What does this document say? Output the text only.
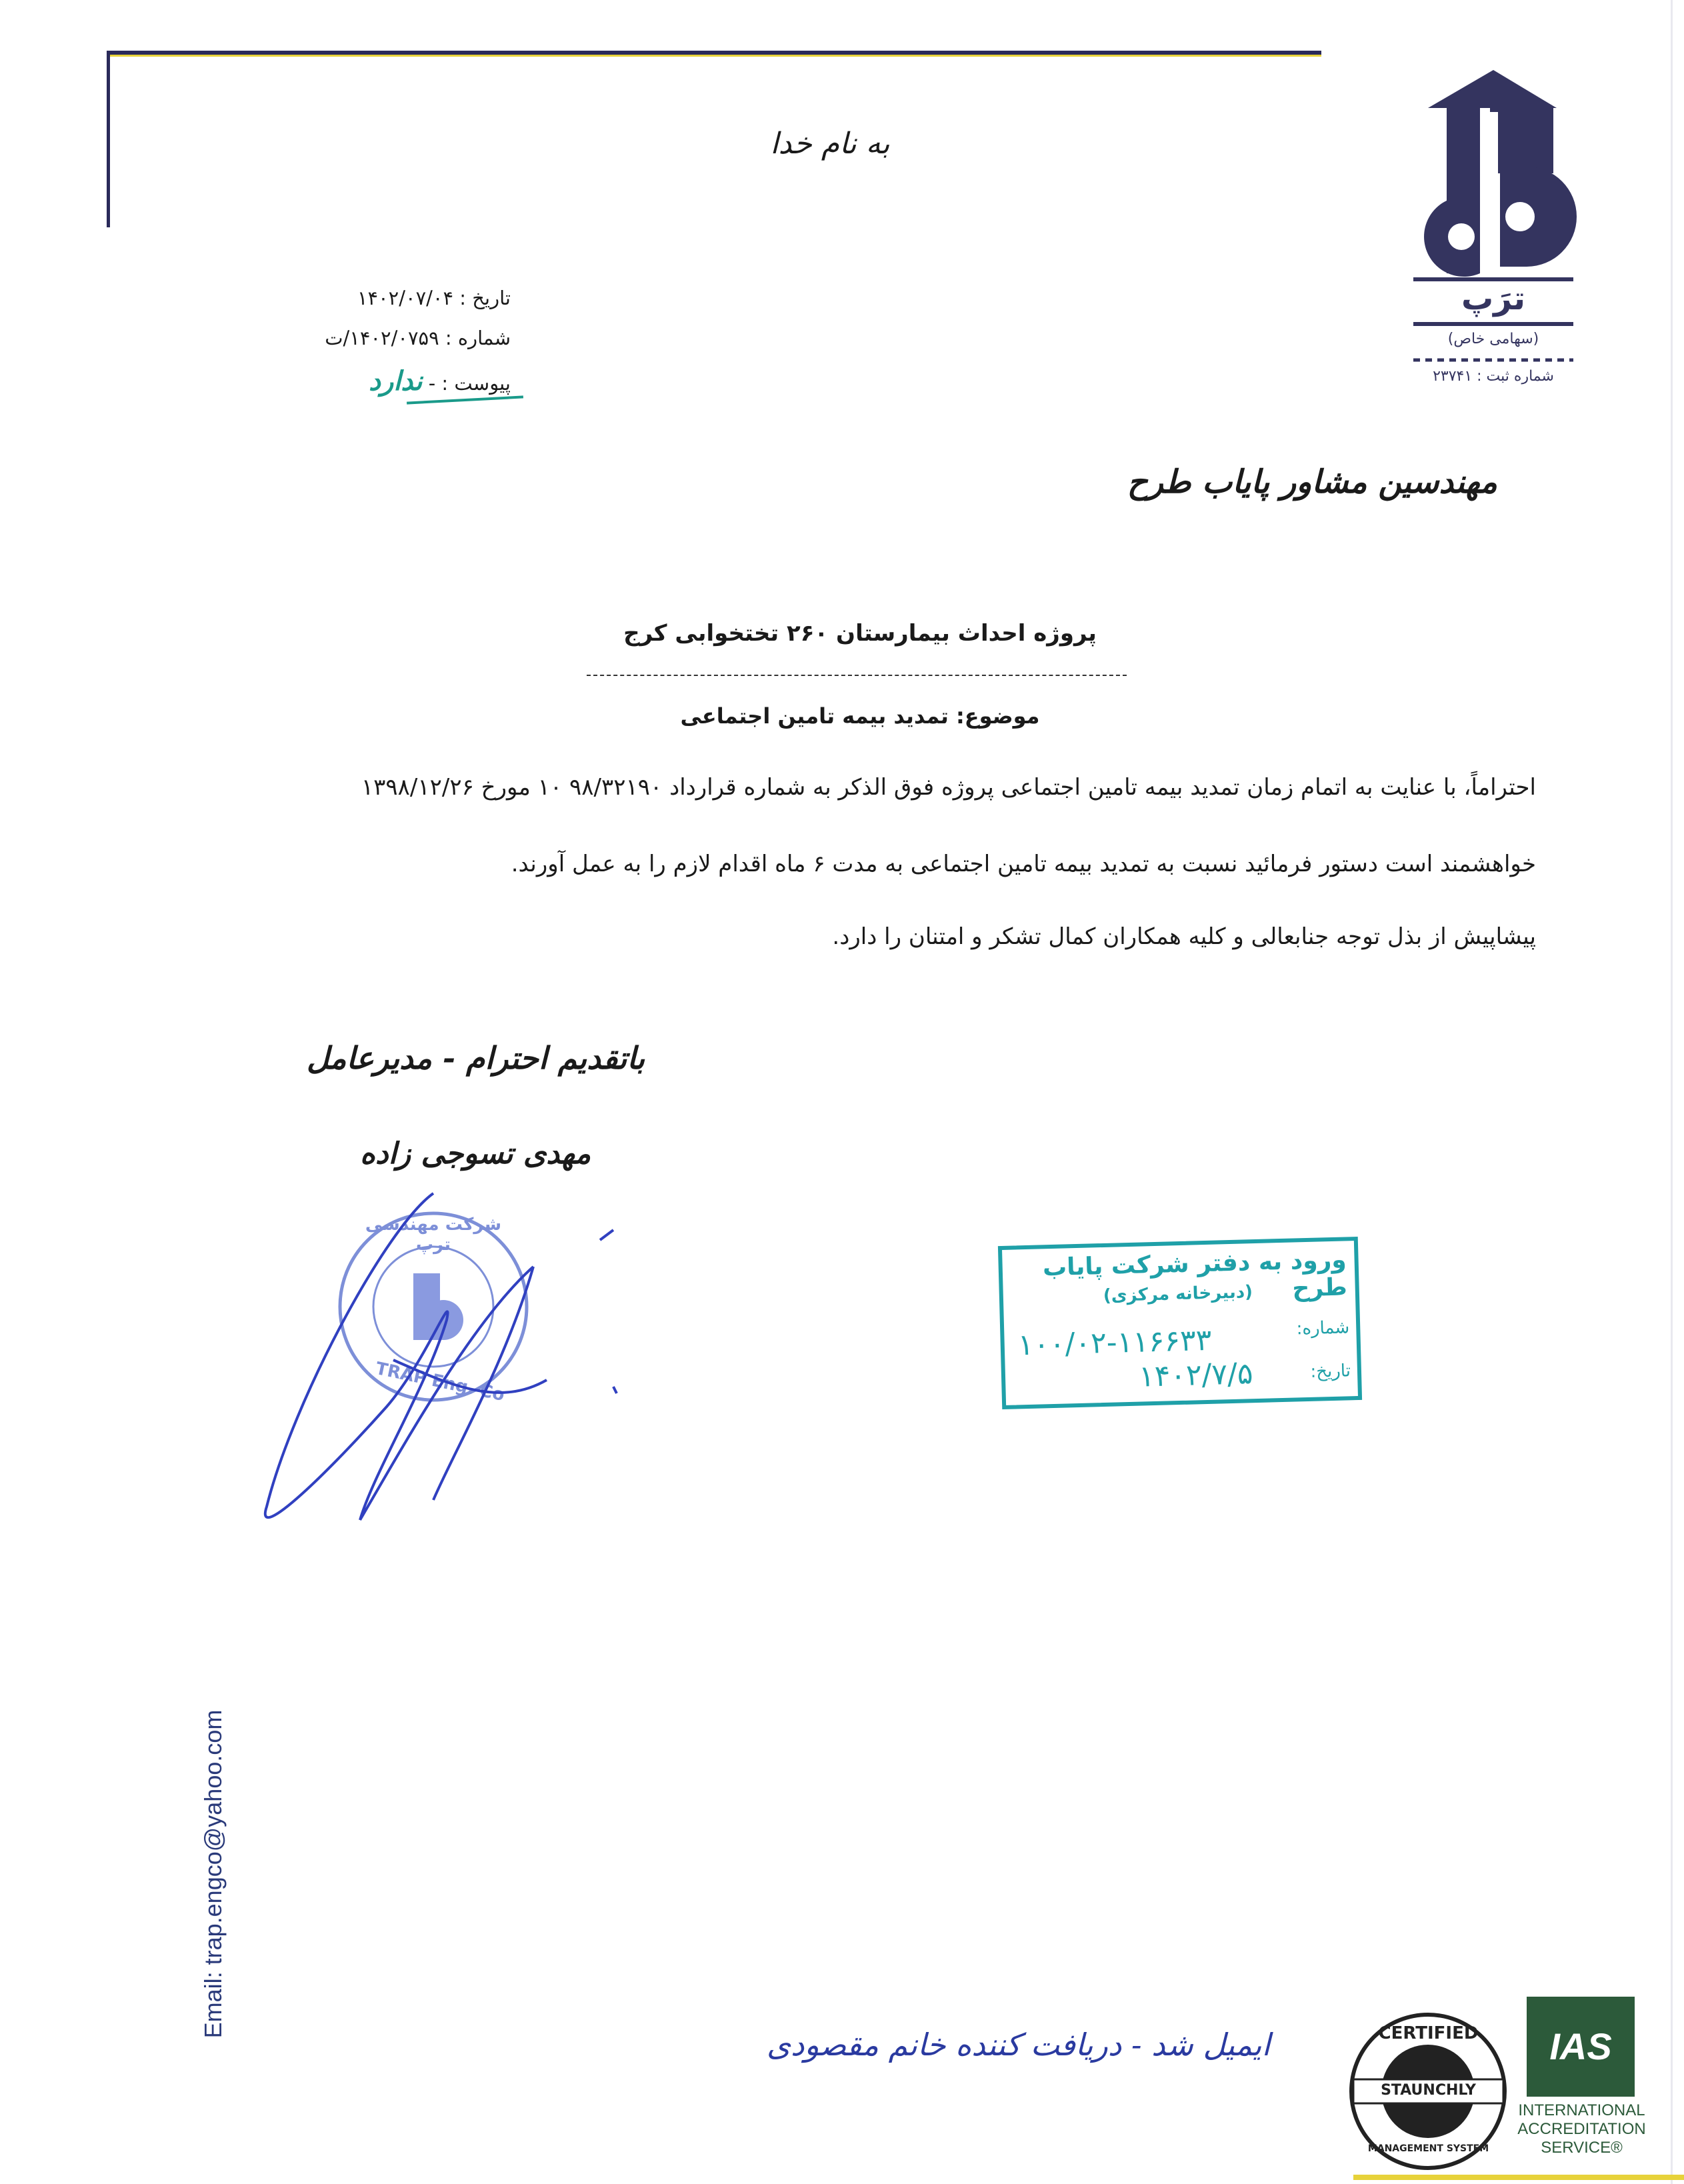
به نام خدا
تاریخ : ۱۴۰۲/۰۷/۰۴
شماره : ۱۴۰۲/۰۷۵۹/ت
پیوست : - ندارد
ترَپ
(سهامی خاص)
شماره ثبت : ۲۳۷۴۱
مهندسین مشاور پایاب طرح
پروژه احداث بیمارستان ۲۶۰ تختخوابی کرج
موضوع: تمدید بیمه تامین اجتماعی
احتراماً، با عنایت به اتمام زمان تمدید بیمه تامین اجتماعی پروژه فوق الذکر به شماره قرارداد ۹۸/۳۲۱۹۰ ۱۰ مورخ ۱۳۹۸/۱۲/۲۶
خواهشمند است دستور فرمائید نسبت به تمدید بیمه تامین اجتماعی به مدت ۶ ماه اقدام لازم را به عمل آورند.
پیشاپیش از بذل توجه جنابعالی و کلیه همکاران کمال تشکر و امتنان را دارد.
باتقدیم احترام - مدیرعامل
مهدی تسوجی زاده
شرکت مهندسی ترپ
TRAP Eng. Co
ورود به دفتر شرکت پایاب طرح
(دبیرخانه مرکزی)
شماره:
۱۰۰/۰۲-۱۱۶۶۳۳
تاریخ:
۱۴۰۲/۷/۵
Email: trap.engco@yahoo.com
ایمیل شد - دریافت کننده خانم مقصودی	CERTIFIED
STAUNCHLY
MANAGEMENT SYSTEM
IAS
INTERNATIONAL
ACCREDITATION
SERVICE®
